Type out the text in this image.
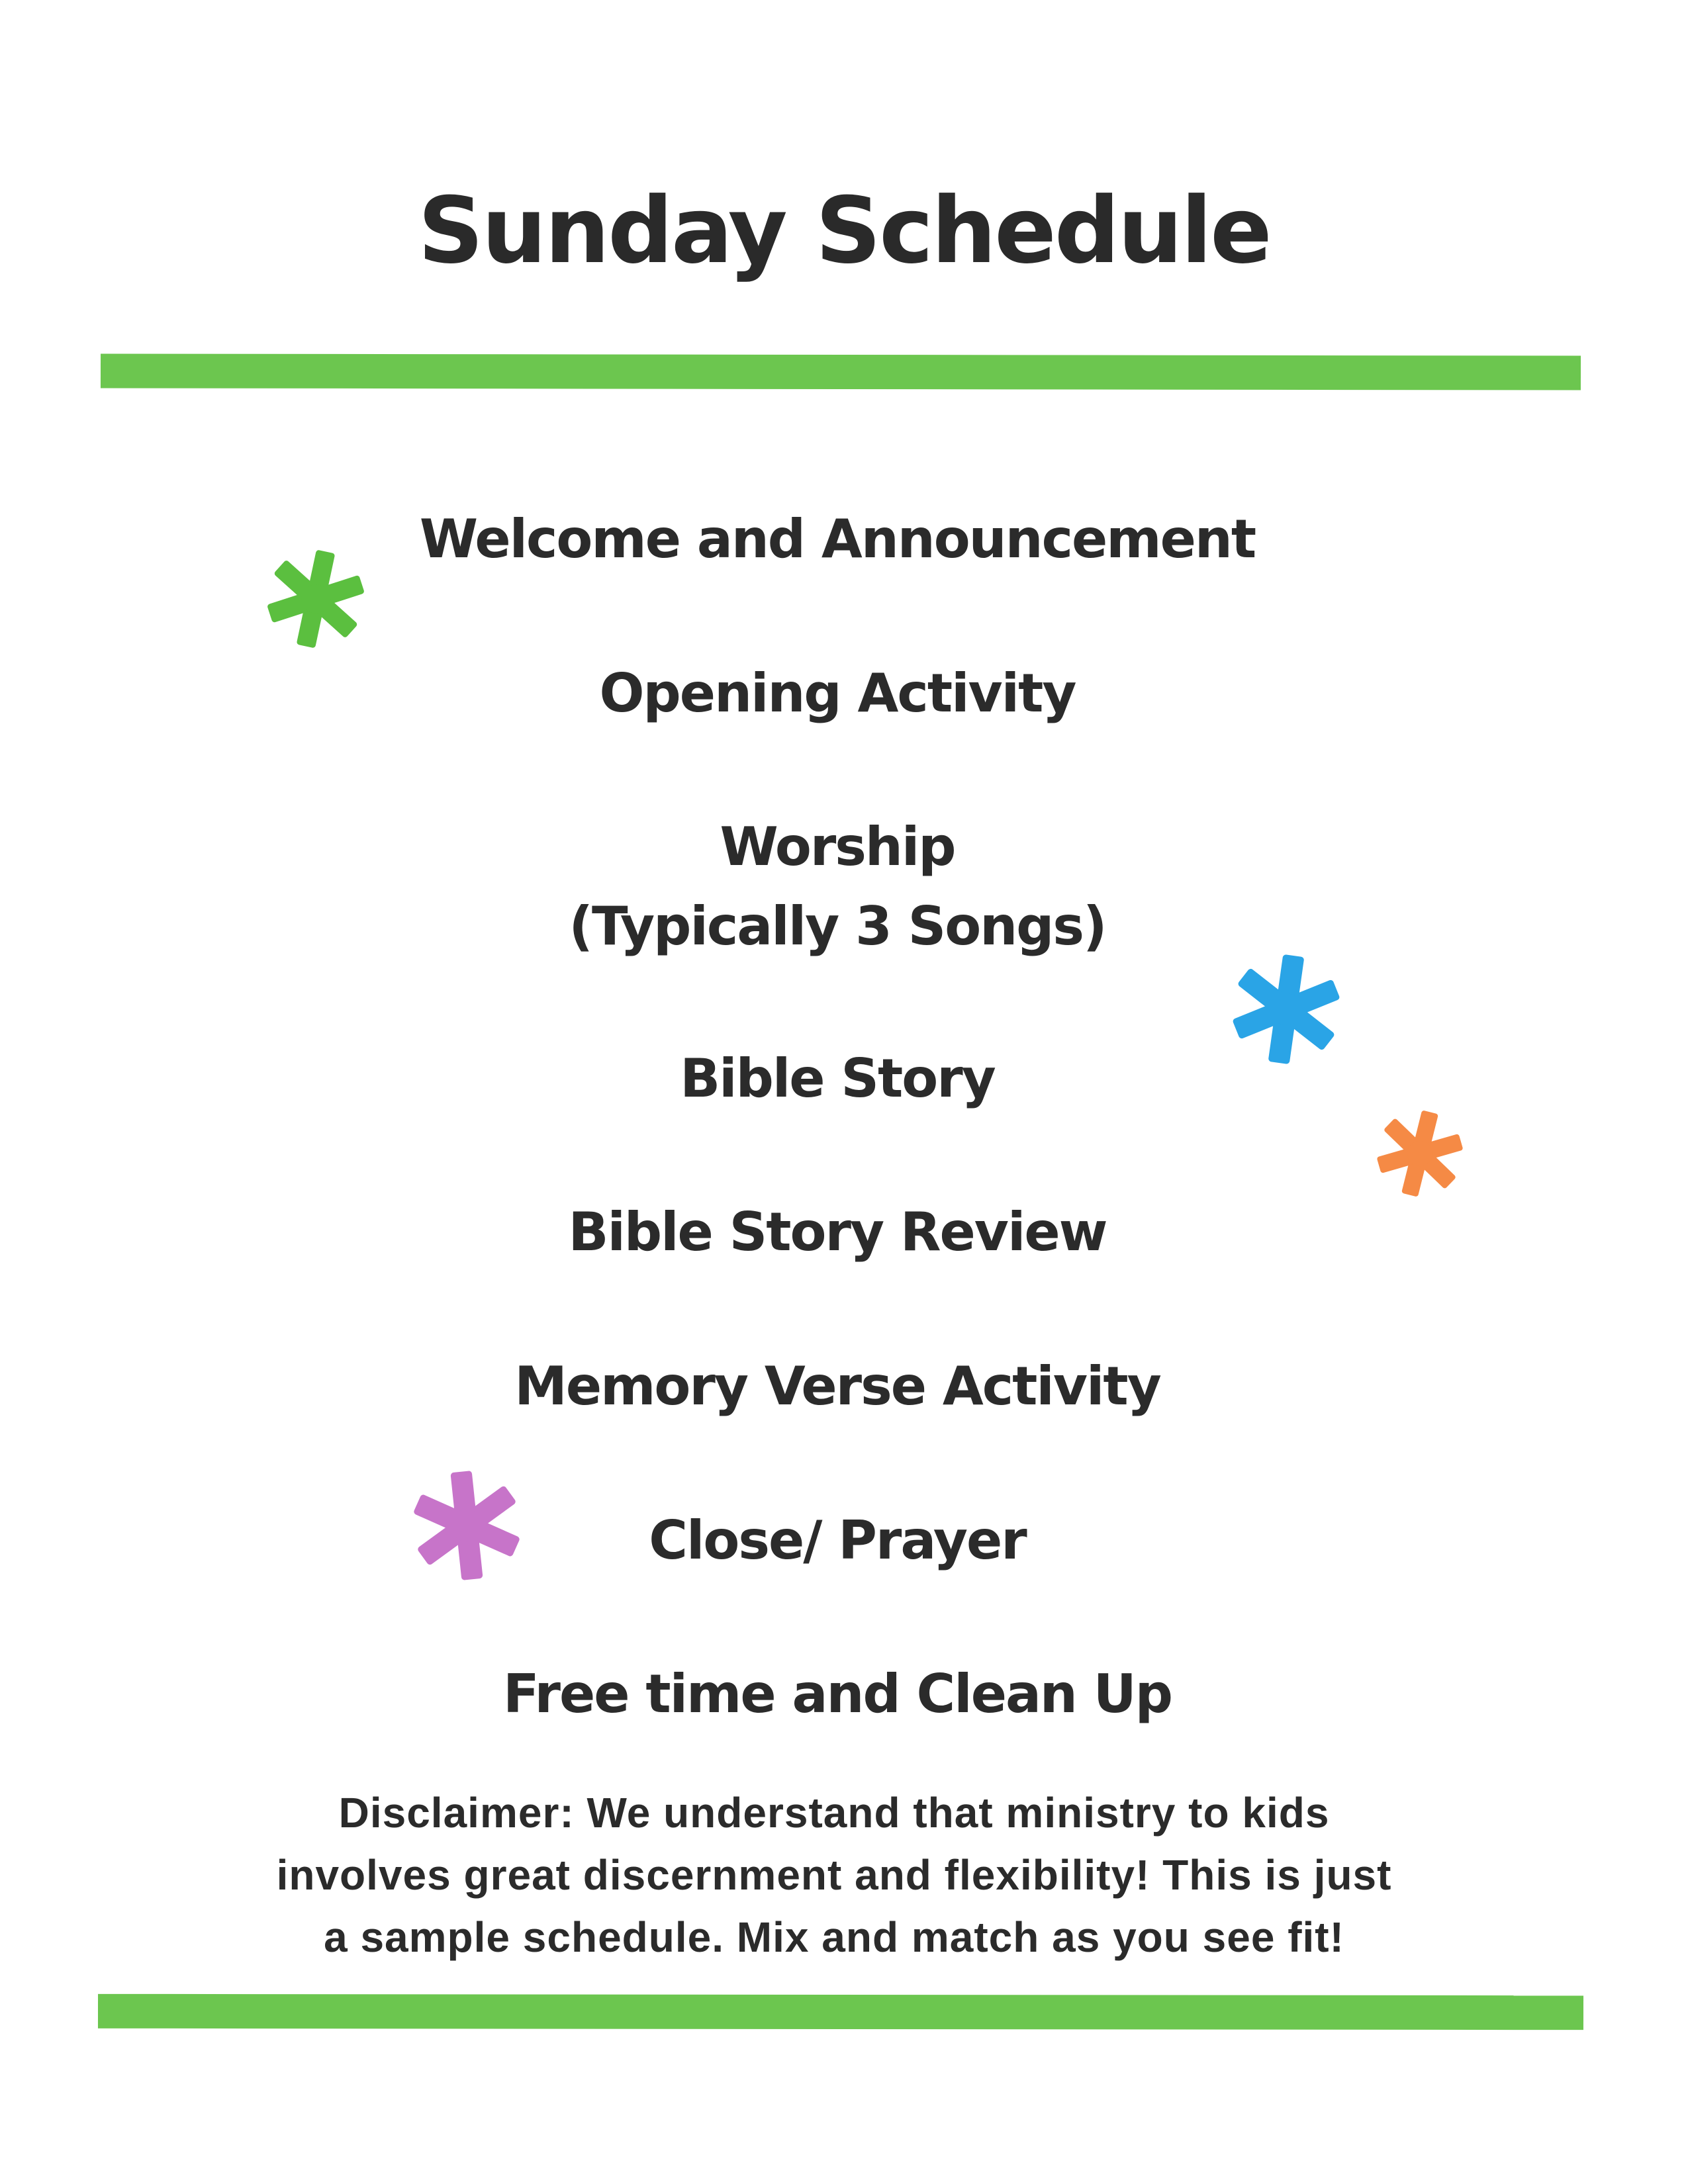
Sunday Schedule
Welcome and Announcement
Opening Activity
Worship
(Typically 3 Songs)
Bible Story
Bible Story Review
Memory Verse Activity
Close/ Prayer
Free time and Clean Up
Disclaimer: We understand that ministry to kids
involves great discernment and flexibility! This is just
a sample schedule. Mix and match as you see fit!
